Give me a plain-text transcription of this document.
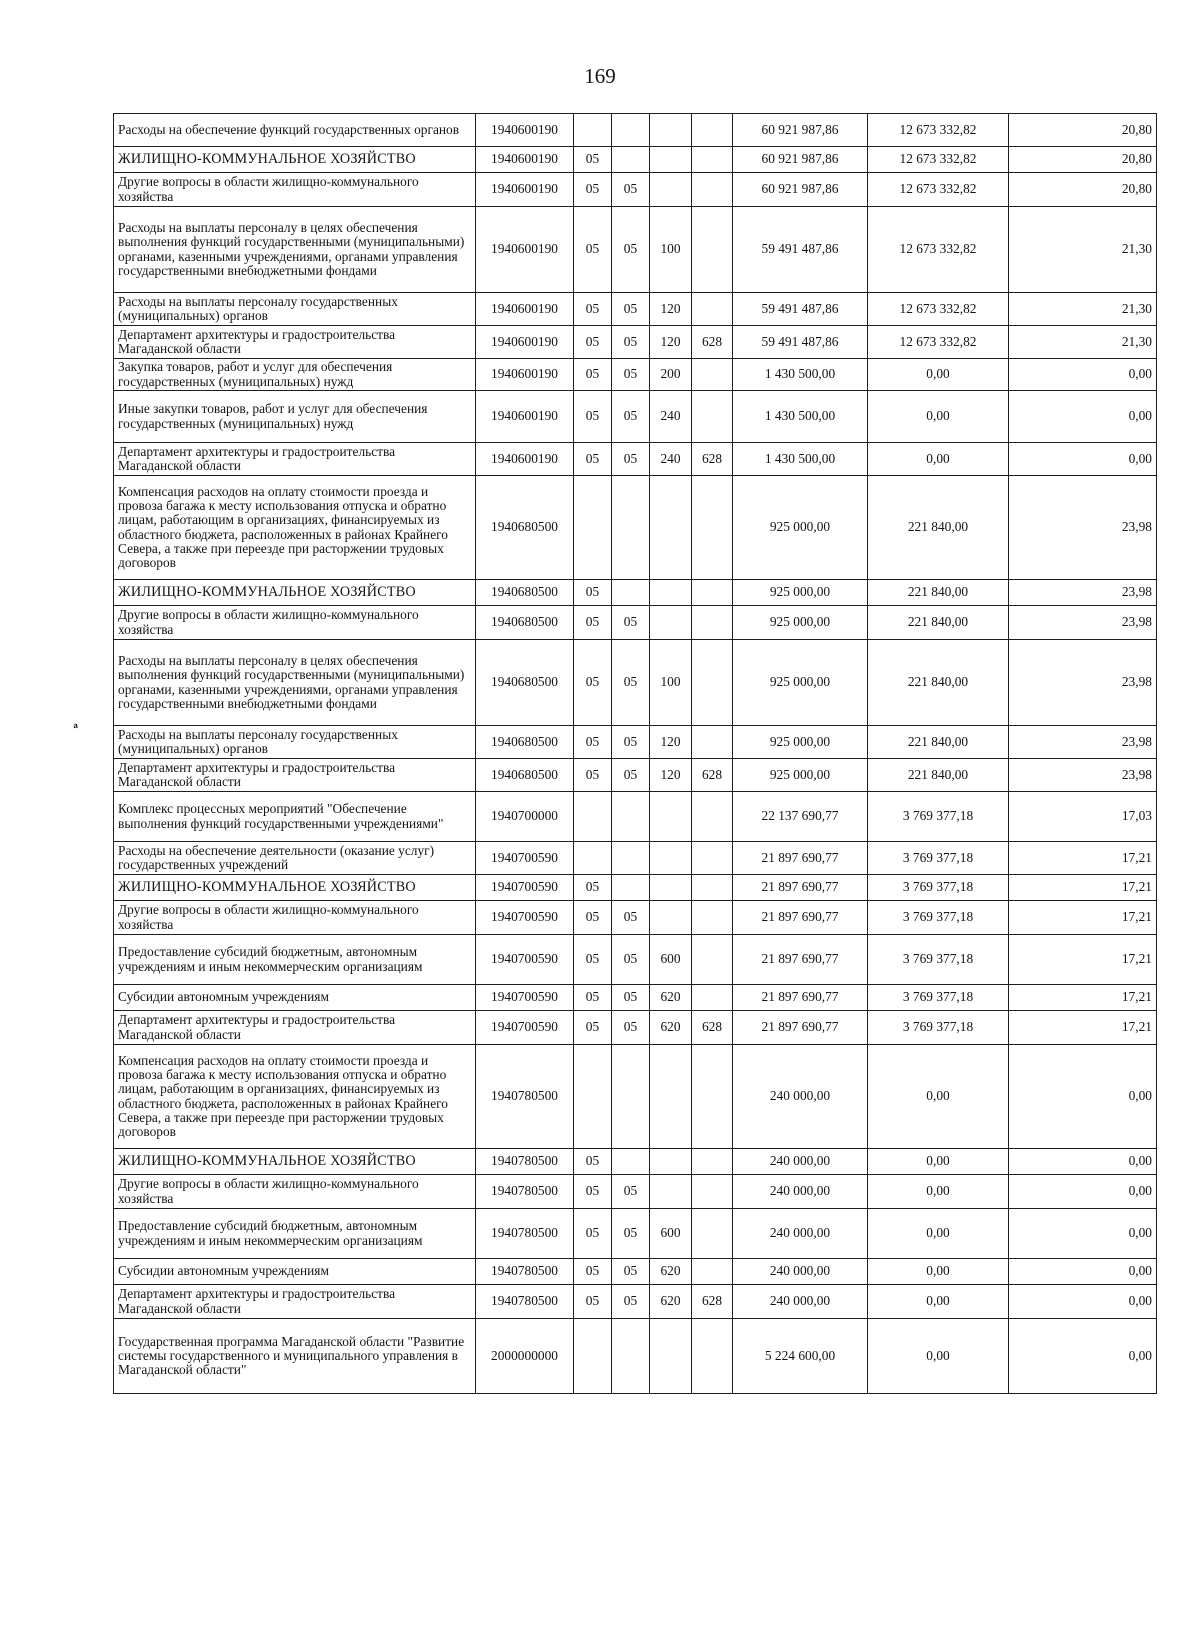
169
ᵃ
Расходы на обеспечение функций государственных органов	1940600190					60 921 987,86	12 673 332,82	20,80
ЖИЛИЩНО-КОММУНАЛЬНОЕ ХОЗЯЙСТВО	1940600190	05				60 921 987,86	12 673 332,82	20,80
Другие вопросы в области жилищно-коммунального хозяйства	1940600190	05	05			60 921 987,86	12 673 332,82	20,80
Расходы на выплаты персоналу в целях обеспечения выполнения функций государственными (муниципальными) органами, казенными учреждениями, органами управления государственными внебюджетными фондами	1940600190	05	05	100		59 491 487,86	12 673 332,82	21,30
Расходы на выплаты персоналу государственных (муниципальных) органов	1940600190	05	05	120		59 491 487,86	12 673 332,82	21,30
Департамент архитектуры и градостроительства Магаданской области	1940600190	05	05	120	628	59 491 487,86	12 673 332,82	21,30
Закупка товаров, работ и услуг для обеспечения государственных (муниципальных) нужд	1940600190	05	05	200		1 430 500,00	0,00	0,00
Иные закупки товаров, работ и услуг для обеспечения государственных (муниципальных) нужд	1940600190	05	05	240		1 430 500,00	0,00	0,00
Департамент архитектуры и градостроительства Магаданской области	1940600190	05	05	240	628	1 430 500,00	0,00	0,00
Компенсация расходов на оплату стоимости проезда и провоза багажа к месту использования отпуска и обратно лицам, работающим в организациях, финансируемых из областного бюджета, расположенных в районах Крайнего Севера, а также при переезде при расторжении трудовых договоров	1940680500					925 000,00	221 840,00	23,98
ЖИЛИЩНО-КОММУНАЛЬНОЕ ХОЗЯЙСТВО	1940680500	05				925 000,00	221 840,00	23,98
Другие вопросы в области жилищно-коммунального хозяйства	1940680500	05	05			925 000,00	221 840,00	23,98
Расходы на выплаты персоналу в целях обеспечения выполнения функций государственными (муниципальными) органами, казенными учреждениями, органами управления государственными внебюджетными фондами	1940680500	05	05	100		925 000,00	221 840,00	23,98
Расходы на выплаты персоналу государственных (муниципальных) органов	1940680500	05	05	120		925 000,00	221 840,00	23,98
Департамент архитектуры и градостроительства Магаданской области	1940680500	05	05	120	628	925 000,00	221 840,00	23,98
Комплекс процессных мероприятий "Обеспечение выполнения функций государственными учреждениями"	1940700000					22 137 690,77	3 769 377,18	17,03
Расходы на обеспечение деятельности (оказание услуг) государственных учреждений	1940700590					21 897 690,77	3 769 377,18	17,21
ЖИЛИЩНО-КОММУНАЛЬНОЕ ХОЗЯЙСТВО	1940700590	05				21 897 690,77	3 769 377,18	17,21
Другие вопросы в области жилищно-коммунального хозяйства	1940700590	05	05			21 897 690,77	3 769 377,18	17,21
Предоставление субсидий бюджетным, автономным учреждениям и иным некоммерческим организациям	1940700590	05	05	600		21 897 690,77	3 769 377,18	17,21
Субсидии автономным учреждениям	1940700590	05	05	620		21 897 690,77	3 769 377,18	17,21
Департамент архитектуры и градостроительства Магаданской области	1940700590	05	05	620	628	21 897 690,77	3 769 377,18	17,21
Компенсация расходов на оплату стоимости проезда и провоза багажа к месту использования отпуска и обратно лицам, работающим в организациях, финансируемых из областного бюджета, расположенных в районах Крайнего Севера, а также при переезде при расторжении трудовых договоров	1940780500					240 000,00	0,00	0,00
ЖИЛИЩНО-КОММУНАЛЬНОЕ ХОЗЯЙСТВО	1940780500	05				240 000,00	0,00	0,00
Другие вопросы в области жилищно-коммунального хозяйства	1940780500	05	05			240 000,00	0,00	0,00
Предоставление субсидий бюджетным, автономным учреждениям и иным некоммерческим организациям	1940780500	05	05	600		240 000,00	0,00	0,00
Субсидии автономным учреждениям	1940780500	05	05	620		240 000,00	0,00	0,00
Департамент архитектуры и градостроительства Магаданской области	1940780500	05	05	620	628	240 000,00	0,00	0,00
Государственная программа Магаданской области "Развитие системы государственного и муниципального управления в Магаданской области"	2000000000					5 224 600,00	0,00	0,00
